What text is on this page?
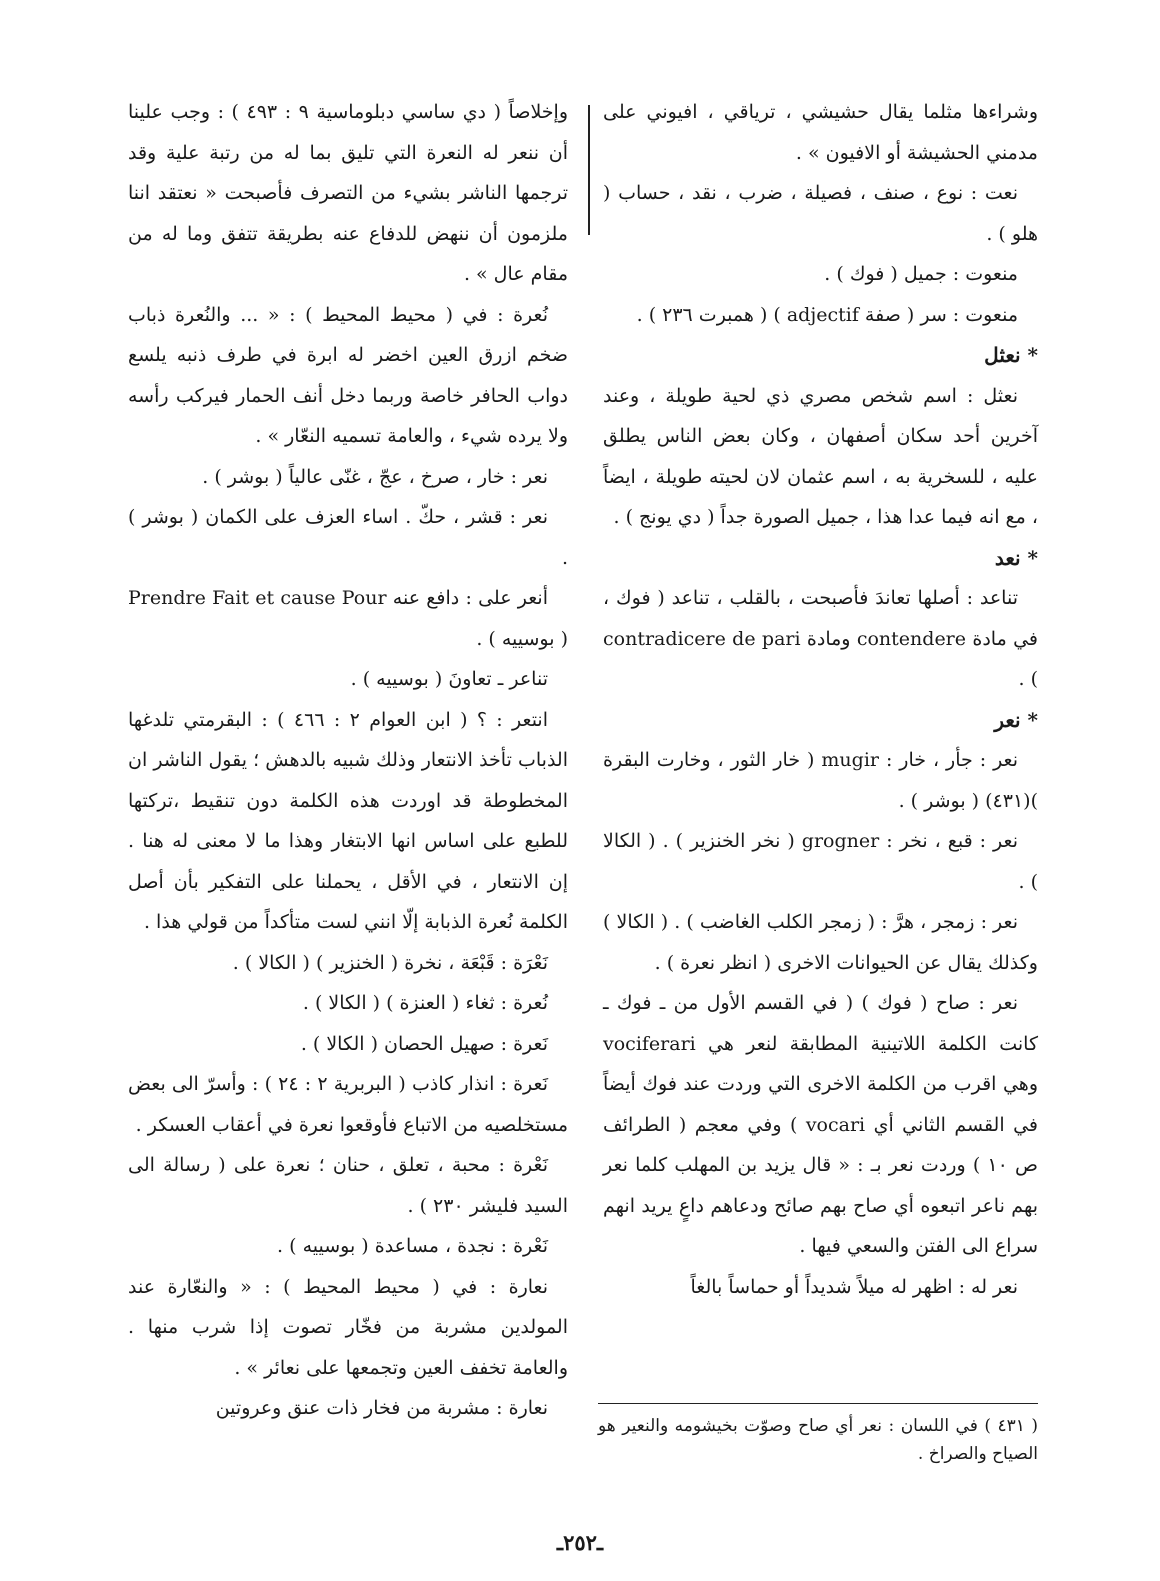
وشراءها مثلما يقال حشيشي ، ترياقي ، افيوني على مدمني الحشيشة أو الافيون » .

نعت : نوع ، صنف ، فصيلة ، ضرب ، نقد ، حساب ( هلو ) .

منعوت : جميل ( فوك ) .

منعوت : سر ( صفة adjectif ) ( همبرت ٢٣٦ ) .

* نعثل

نعثل : اسم شخص مصري ذي لحية طويلة ، وعند آخرين أحد سكان أصفهان ، وكان بعض الناس يطلق عليه ، للسخرية به ، اسم عثمان لان لحيته طويلة ، ايضاً ، مع انه فيما عدا هذا ، جميل الصورة جداً ( دي يونج ) .

* نعد

تناعد : أصلها تعاندَ فأصبحت ، بالقلب ، تناعد ( فوك ، في مادة contendere ومادة contradicere de pari ) .

* نعر

نعر : جأر ، خار : mugir ( خار الثور ، وخارت البقرة )(٤٣١) ( بوشر ) .

نعر : قبع ، نخر : grogner ( نخر الخنزير ) . ( الكالا ) .

نعر : زمجر ، هرَّ : ( زمجر الكلب الغاضب ) . ( الكالا ) وكذلك يقال عن الحيوانات الاخرى ( انظر نعرة ) .

نعر : صاح ( فوك ) ( في القسم الأول من ـ فوك ـ كانت الكلمة اللاتينية المطابقة لنعر هي vociferari وهي اقرب من الكلمة الاخرى التي وردت عند فوك أيضاً في القسم الثاني أي vocari ) وفي معجم ( الطرائف ص ١٠ ) وردت نعر بـ : « قال يزيد بن المهلب كلما نعر بهم ناعر اتبعوه أي صاح بهم صائح ودعاهم داعٍ يريد انهم سراع الى الفتن والسعي فيها .

نعر له : اظهر له ميلاً شديداً أو حماساً بالغاً

وإخلاصاً ( دي ساسي دبلوماسية ٩ : ٤٩٣ ) : وجب علينا أن ننعر له النعرة التي تليق بما له من رتبة علية وقد ترجمها الناشر بشيء من التصرف فأصبحت « نعتقد اننا ملزمون أن ننهض للدفاع عنه بطريقة تتفق وما له من مقام عال » .

نُعرة : في ( محيط المحيط ) : « ... والنُعرة ذباب ضخم ازرق العين اخضر له ابرة في طرف ذنبه يلسع دواب الحافر خاصة وربما دخل أنف الحمار فيركب رأسه ولا يرده شيء ، والعامة تسميه النعّار » .

نعر : خار ، صرخ ، عجّ ، غنّى عالياً ( بوشر ) .

نعر : قشر ، حكّ . اساء العزف على الكمان ( بوشر ) .

أنعر على : دافع عنه Prendre Fait et cause Pour ( بوسييه ) .

تناعر ـ تعاونَ ( بوسييه ) .

انتعر : ؟ ( ابن العوام ٢ : ٤٦٦ ) : البقرمتي تلدغها الذباب تأخذ الانتعار وذلك شبيه بالدهش ؛ يقول الناشر ان المخطوطة قد اوردت هذه الكلمة دون تنقيط ،تركتها للطبع على اساس انها الابتغار وهذا ما لا معنى له هنا . إن الانتعار ، في الأقل ، يحملنا على التفكير بأن أصل الكلمة نُعرة الذبابة إلّا انني لست متأكداً من قولي هذا .

نَعْرَة : قَبْعَة ، نخرة ( الخنزير ) ( الكالا ) .

نُعرة : ثغاء ( العنزة ) ( الكالا ) .

نَعرة : صهيل الحصان ( الكالا ) .

نَعرة : انذار كاذب ( البربرية ٢ : ٢٤ ) : وأسرّ الى بعض مستخلصيه من الاتباع فأوقعوا نعرة في أعقاب العسكر .

نَعْرة : محبة ، تعلق ، حنان ؛ نعرة على ( رسالة الى السيد فليشر ٢٣٠ ) .

نَعْرة : نجدة ، مساعدة ( بوسييه ) .

نعارة : في ( محيط المحيط ) : « والنعّارة عند المولدين مشربة من فخّار تصوت إذا شرب منها . والعامة تخفف العين وتجمعها على نعائر » .

نعارة : مشربة من فخار ذات عنق وعروتين

( ٤٣١ ) في اللسان : نعر أي صاح وصوّت بخيشومه والنعير هو الصياح والصراخ .

ـ٢٥٢ـ
